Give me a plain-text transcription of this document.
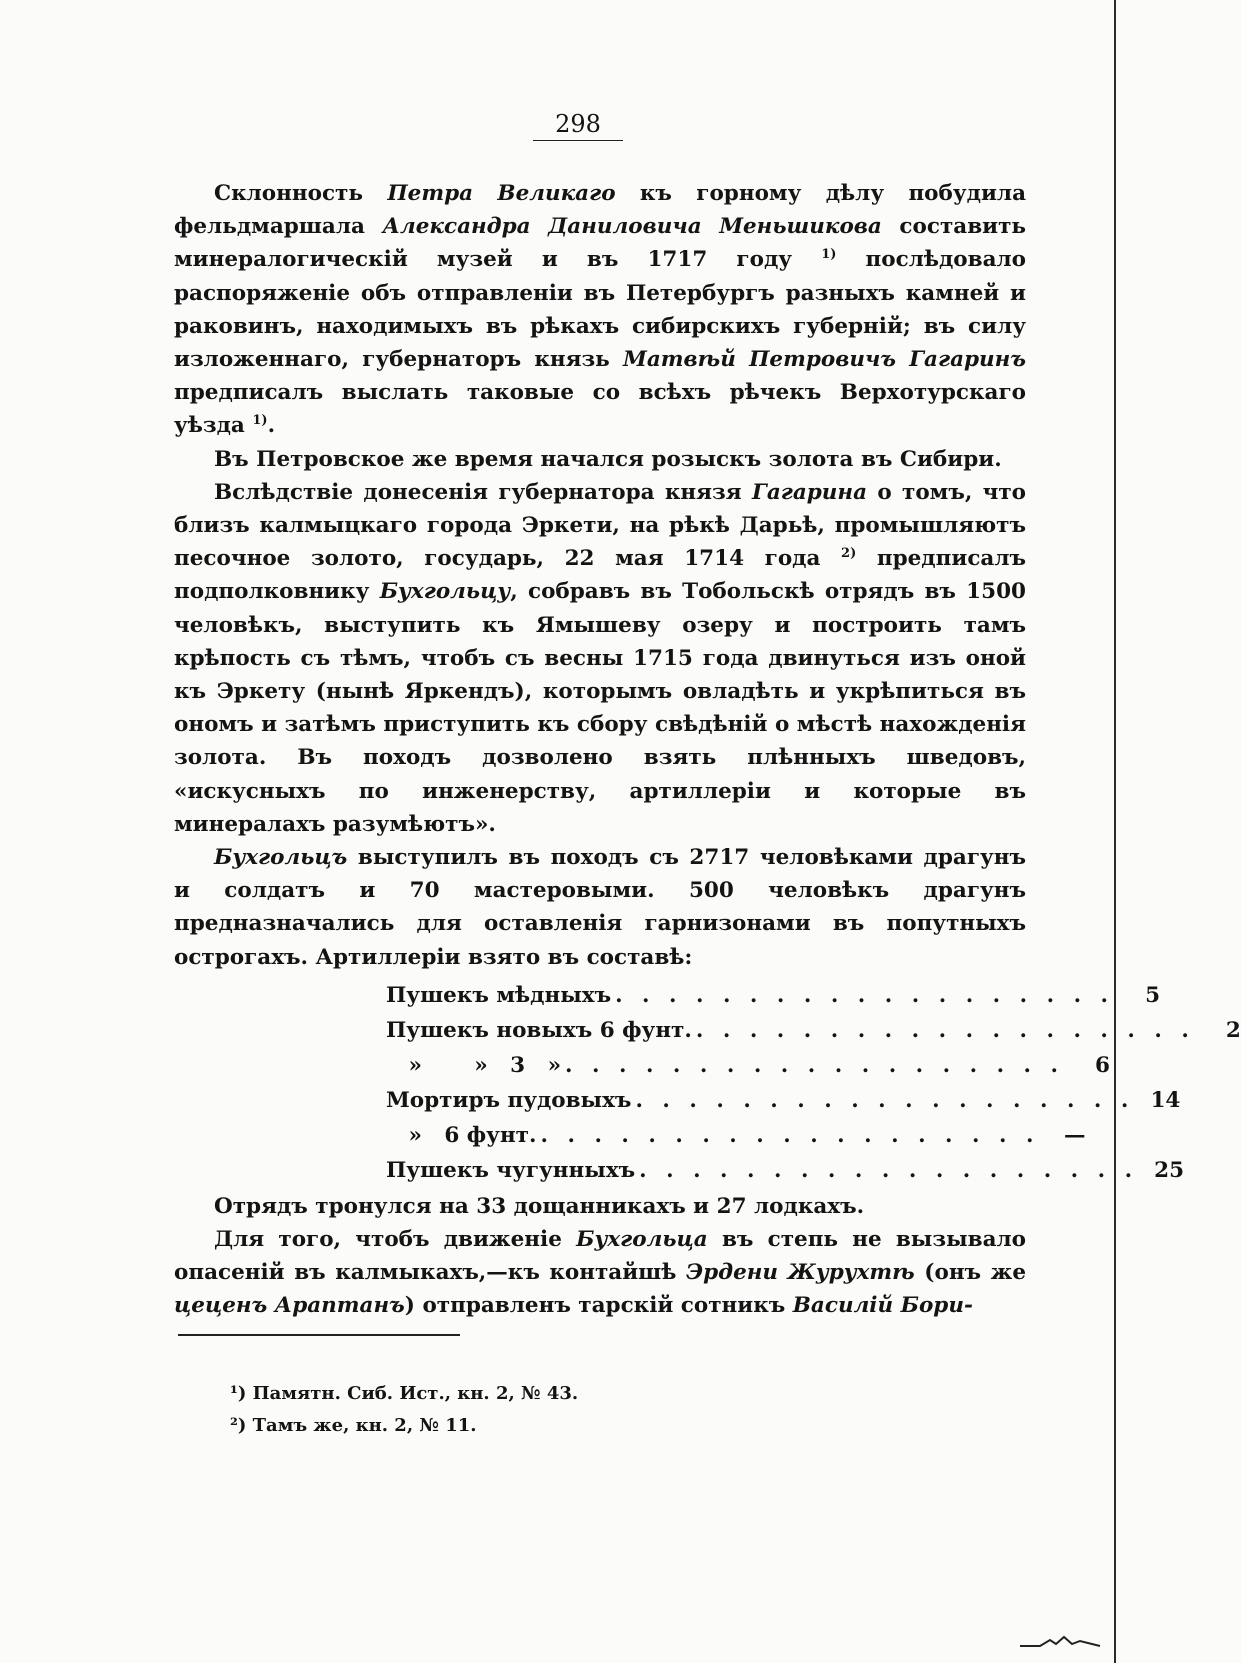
298

Склонность Петра Великаго къ горному дѣлу побудила фельдмаршала Александра Даниловича Меньшикова составить минералогическiй музей и въ 1717 году $^{1)}$ послѣдовало распоряженiе объ отправленiи въ Петербургъ разныхъ камней и раковинъ, находимыхъ въ рѣкахъ сибирскихъ губернiй; въ силу изложеннаго, губернаторъ князь Матвѣй Петровичъ Гагаринъ предписалъ выслать таковые со всѣхъ рѣчекъ Верхотурскаго уѣзда $^{1)}$.

Въ Петровское же время начался розыскъ золота въ Сибири.

Вслѣдствiе донесенiя губернатора князя Гагарина о томъ, что близъ калмыцкаго города Эркети, на рѣкѣ Дарьѣ, промышляютъ песочное золото, государь, 22 мая 1714 года $^{2)}$ предписалъ подполковнику Бухгольцу, собравъ въ Тобольскѣ отрядъ въ 1500 человѣкъ, выступить къ Ямышеву озеру и построить тамъ крѣпость съ тѣмъ, чтобъ съ весны 1715 года двинуться изъ оной къ Эркету (нынѣ Яркендъ), которымъ овладѣть и укрѣпиться въ ономъ и затѣмъ приступить къ сбору свѣдѣнiй о мѣстѣ нахожденiя золота. Въ походъ дозволено взять плѣнныхъ шведовъ, «искусныхъ по инженерству, артиллерiи и которые въ минералахъ разумѣютъ».

Бухгольцъ выступилъ въ походъ съ 2717 человѣками драгунъ и солдатъ и 70 мастеровыми. 500 человѣкъ драгунъ предназначались для оставленiя гарнизонами въ попутныхъ острогахъ. Артиллерiи взято въ составѣ:

Пушекъ мѣдныхъ . . . . . . . . . . . . . . . . . . .	5
Пушекъ новыхъ 6 фунт. . . . . . . . . . . . . . . . . . . .	2
»       »   3   » . . . . . . . . . . . . . . . . . . .	6
Мортиръ пудовыхъ . . . . . . . . . . . . . . . . . . . 14
»   6 фунт. . . . . . . . . . . . . . . . . . . .	—
Пушекъ чугунныхъ . . . . . . . . . . . . . . . . . . . 25

Отрядъ тронулся на 33 дощанникахъ и 27 лодкахъ.

Для того, чтобъ движенiе Бухгольца въ степь не вызывало опасенiй въ калмыкахъ,—къ контайшѣ Эрдени Журухтѣ (онъ же цеценъ Араптанъ) отправленъ тарскiй сотникъ Василiй Бори-

¹) Памятн. Сиб. Ист., кн. 2, № 43.

²) Тамъ же, кн. 2, № 11.
